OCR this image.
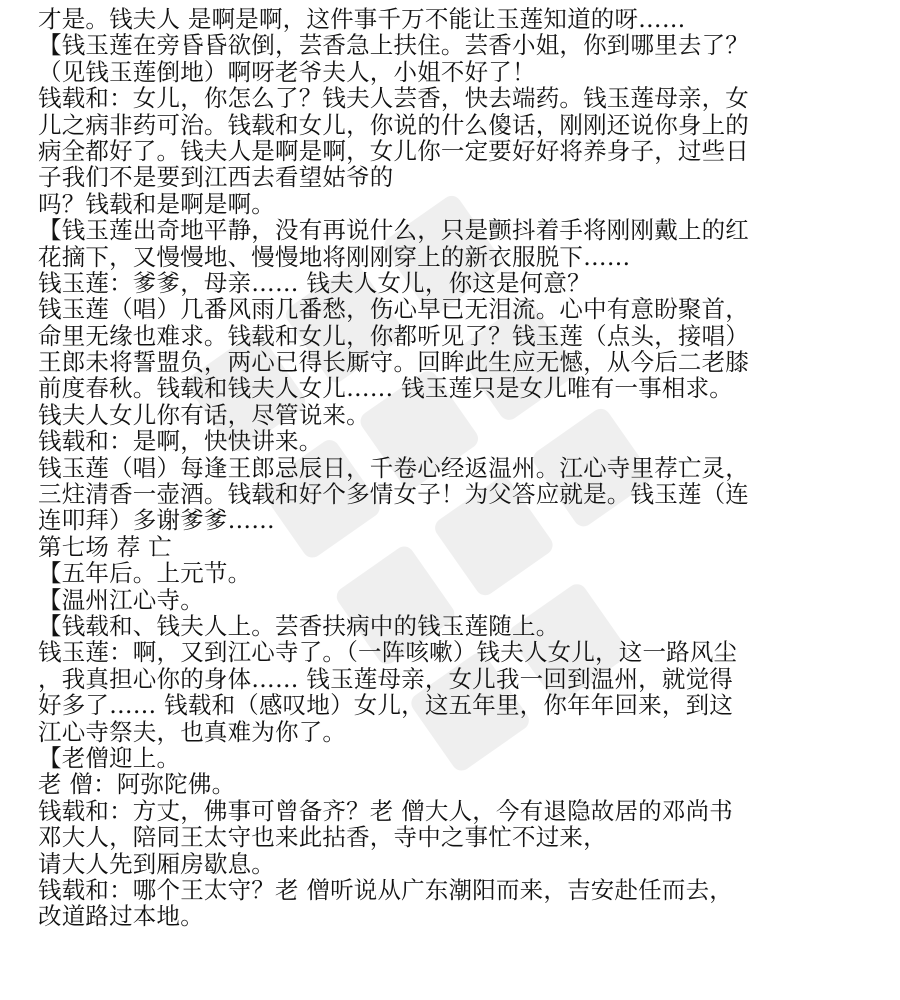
才是。钱夫人 是啊是啊，这件事千万不能让玉莲知道的呀……
【钱玉莲在旁昏昏欲倒，芸香急上扶住。芸香小姐，你到哪里去了？
（见钱玉莲倒地）啊呀老爷夫人，小姐不好了！
钱载和：女儿，你怎么了？钱夫人芸香，快去端药。钱玉莲母亲，女
儿之病非药可治。钱载和女儿，你说的什么傻话，刚刚还说你身上的
病全都好了。钱夫人是啊是啊，女儿你一定要好好将养身子，过些日
子我们不是要到江西去看望姑爷的
吗？钱载和是啊是啊。
【钱玉莲出奇地平静，没有再说什么，只是颤抖着手将刚刚戴上的红
花摘下，又慢慢地、慢慢地将刚刚穿上的新衣服脱下……
钱玉莲：爹爹，母亲…… 钱夫人女儿，你这是何意？
钱玉莲（唱）几番风雨几番愁，伤心早已无泪流。心中有意盼聚首，
命里无缘也难求。钱载和女儿，你都听见了？钱玉莲（点头，接唱）
王郎未将誓盟负，两心已得长厮守。回眸此生应无憾，从今后二老膝
前度春秋。钱载和钱夫人女儿…… 钱玉莲只是女儿唯有一事相求。
钱夫人女儿你有话，尽管说来。
钱载和：是啊，快快讲来。
钱玉莲（唱）每逢王郎忌辰日，千卷心经返温州。江心寺里荐亡灵，
三炷清香一壶酒。钱载和好个多情女子！为父答应就是。钱玉莲（连
连叩拜）多谢爹爹……
第七场 荐 亡
【五年后。上元节。
【温州江心寺。
【钱载和、钱夫人上。芸香扶病中的钱玉莲随上。
钱玉莲：啊，又到江心寺了。（一阵咳嗽）钱夫人女儿，这一路风尘
，我真担心你的身体…… 钱玉莲母亲，女儿我一回到温州，就觉得
好多了…… 钱载和（感叹地）女儿，这五年里，你年年回来，到这
江心寺祭夫，也真难为你了。
【老僧迎上。
老 僧：阿弥陀佛。
钱载和：方丈，佛事可曾备齐？老 僧大人，今有退隐故居的邓尚书
邓大人，陪同王太守也来此拈香，寺中之事忙不过来，
请大人先到厢房歇息。
钱载和：哪个王太守？老 僧听说从广东潮阳而来，吉安赴任而去，
改道路过本地。
